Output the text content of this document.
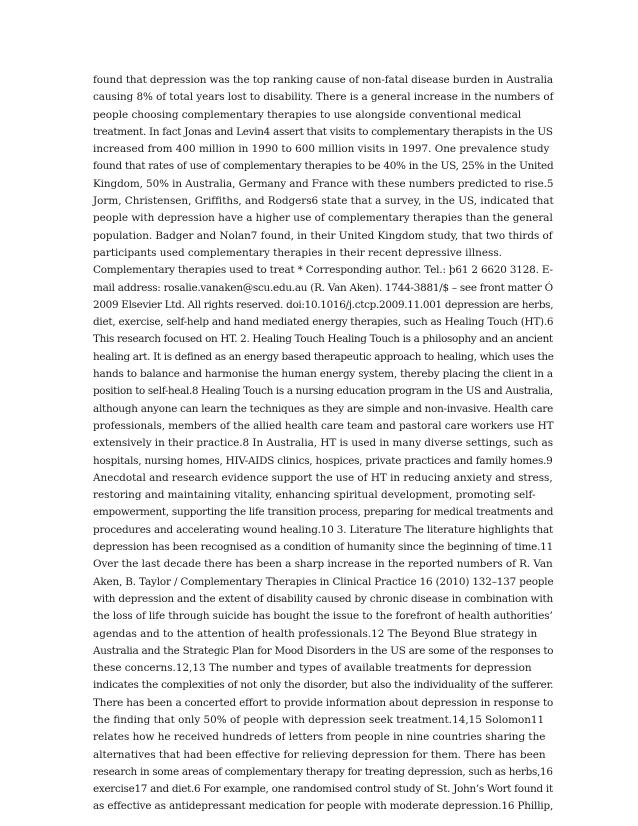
found that depression was the top ranking cause of non-fatal disease burden in Australia
causing 8% of total years lost to disability. There is a general increase in the numbers of
people choosing complementary therapies to use alongside conventional medical
treatment. In fact Jonas and Levin4 assert that visits to complementary therapists in the US
increased from 400 million in 1990 to 600 million visits in 1997. One prevalence study
found that rates of use of complementary therapies to be 40% in the US, 25% in the United
Kingdom, 50% in Australia, Germany and France with these numbers predicted to rise.5
Jorm, Christensen, Griffiths, and Rodgers6 state that a survey, in the US, indicated that
people with depression have a higher use of complementary therapies than the general
population. Badger and Nolan7 found, in their United Kingdom study, that two thirds of
participants used complementary therapies in their recent depressive illness.
Complementary therapies used to treat * Corresponding author. Tel.: þ61 2 6620 3128. E-
mail address: rosalie.vanaken@scu.edu.au (R. Van Aken). 1744-3881/$ – see front matter Ó
2009 Elsevier Ltd. All rights reserved. doi:10.1016/j.ctcp.2009.11.001 depression are herbs,
diet, exercise, self-help and hand mediated energy therapies, such as Healing Touch (HT).6
This research focused on HT. 2. Healing Touch Healing Touch is a philosophy and an ancient
healing art. It is defined as an energy based therapeutic approach to healing, which uses the
hands to balance and harmonise the human energy system, thereby placing the client in a
position to self-heal.8 Healing Touch is a nursing education program in the US and Australia,
although anyone can learn the techniques as they are simple and non-invasive. Health care
professionals, members of the allied health care team and pastoral care workers use HT
extensively in their practice.8 In Australia, HT is used in many diverse settings, such as
hospitals, nursing homes, HIV-AIDS clinics, hospices, private practices and family homes.9
Anecdotal and research evidence support the use of HT in reducing anxiety and stress,
restoring and maintaining vitality, enhancing spiritual development, promoting self-
empowerment, supporting the life transition process, preparing for medical treatments and
procedures and accelerating wound healing.10 3. Literature The literature highlights that
depression has been recognised as a condition of humanity since the beginning of time.11
Over the last decade there has been a sharp increase in the reported numbers of R. Van
Aken, B. Taylor / Complementary Therapies in Clinical Practice 16 (2010) 132–137 people
with depression and the extent of disability caused by chronic disease in combination with
the loss of life through suicide has bought the issue to the forefront of health authorities’
agendas and to the attention of health professionals.12 The Beyond Blue strategy in
Australia and the Strategic Plan for Mood Disorders in the US are some of the responses to
these concerns.12,13 The number and types of available treatments for depression
indicates the complexities of not only the disorder, but also the individuality of the sufferer.
There has been a concerted effort to provide information about depression in response to
the finding that only 50% of people with depression seek treatment.14,15 Solomon11
relates how he received hundreds of letters from people in nine countries sharing the
alternatives that had been effective for relieving depression for them. There has been
research in some areas of complementary therapy for treating depression, such as herbs,16
exercise17 and diet.6 For example, one randomised control study of St. John’s Wort found it
as effective as antidepressant medication for people with moderate depression.16 Phillip,
